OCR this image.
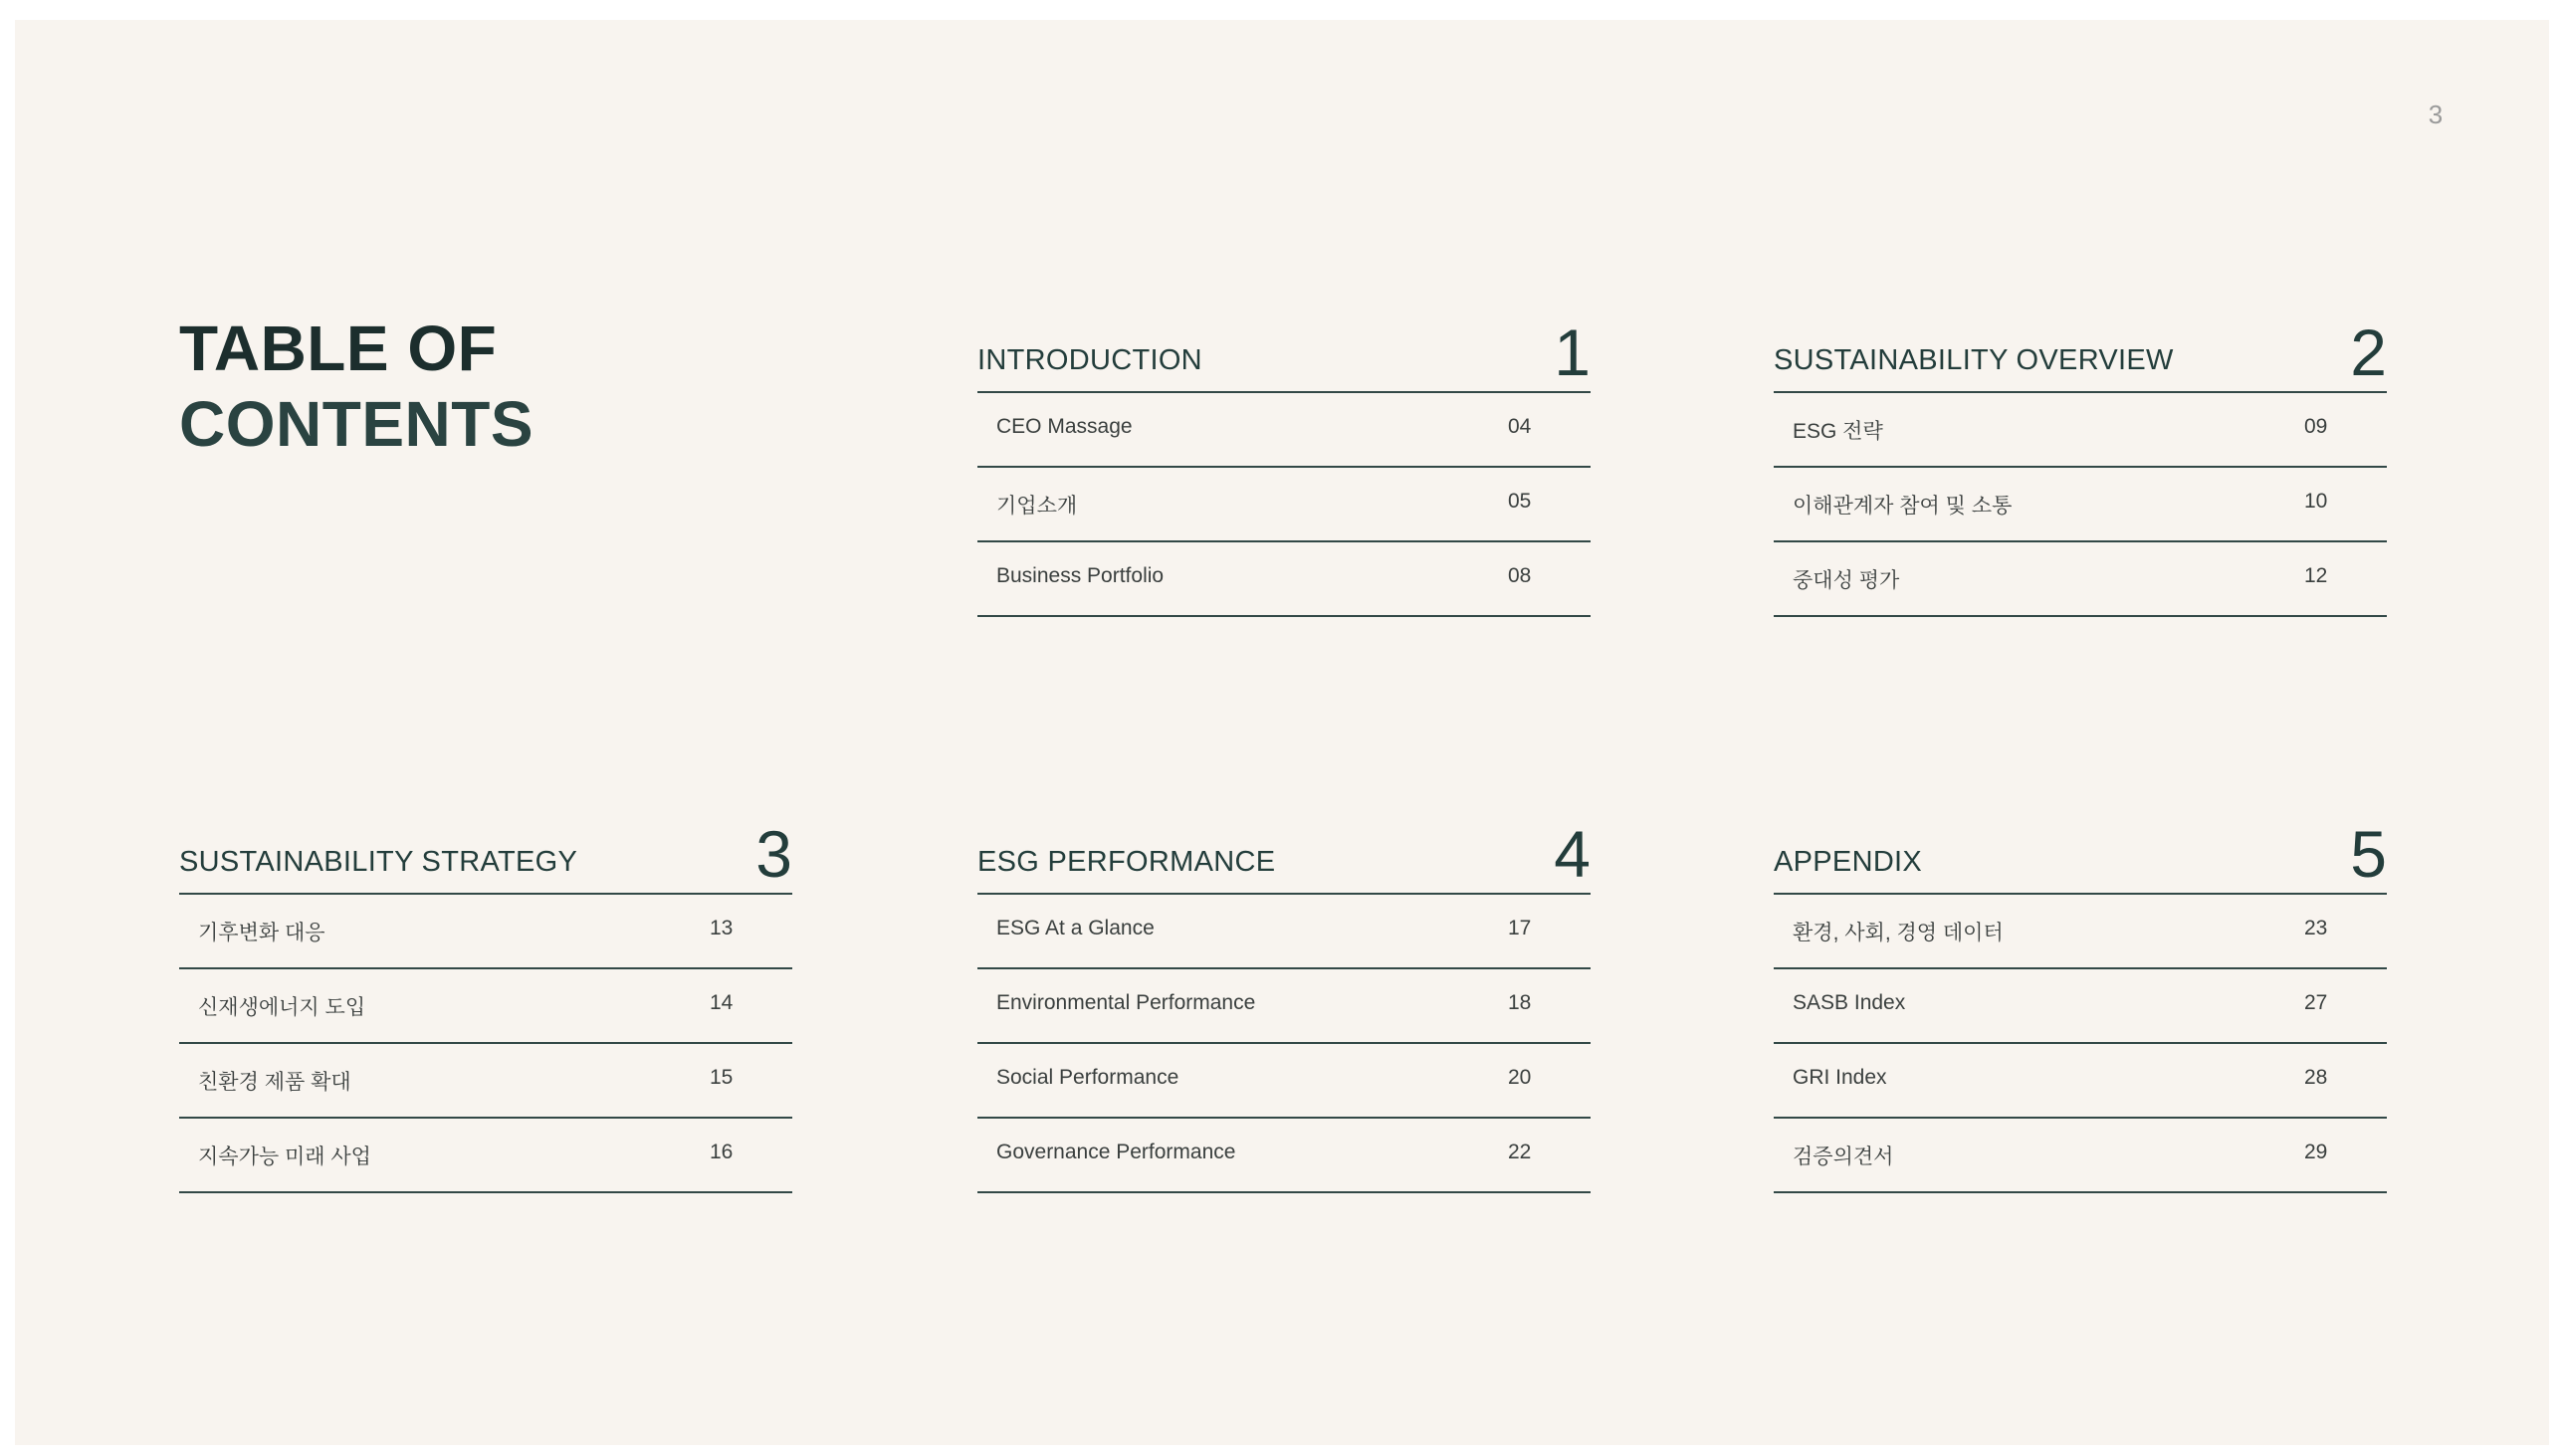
3
TABLE OF
CONTENTS
INTRODUCTION	1
CEO Massage	04
기업소개	05
Business Portfolio	08
SUSTAINABILITY OVERVIEW	2
ESG 전략	09
이해관계자 참여 및 소통	10
중대성 평가	12
SUSTAINABILITY STRATEGY	3
기후변화 대응	13
신재생에너지 도입	14
친환경 제품 확대	15
지속가능 미래 사업	16
ESG PERFORMANCE	4
ESG At a Glance	17
Environmental Performance	18
Social Performance	20
Governance Performance	22
APPENDIX	5
환경, 사회, 경영 데이터	23
SASB Index	27
GRI Index	28
검증의견서	29
